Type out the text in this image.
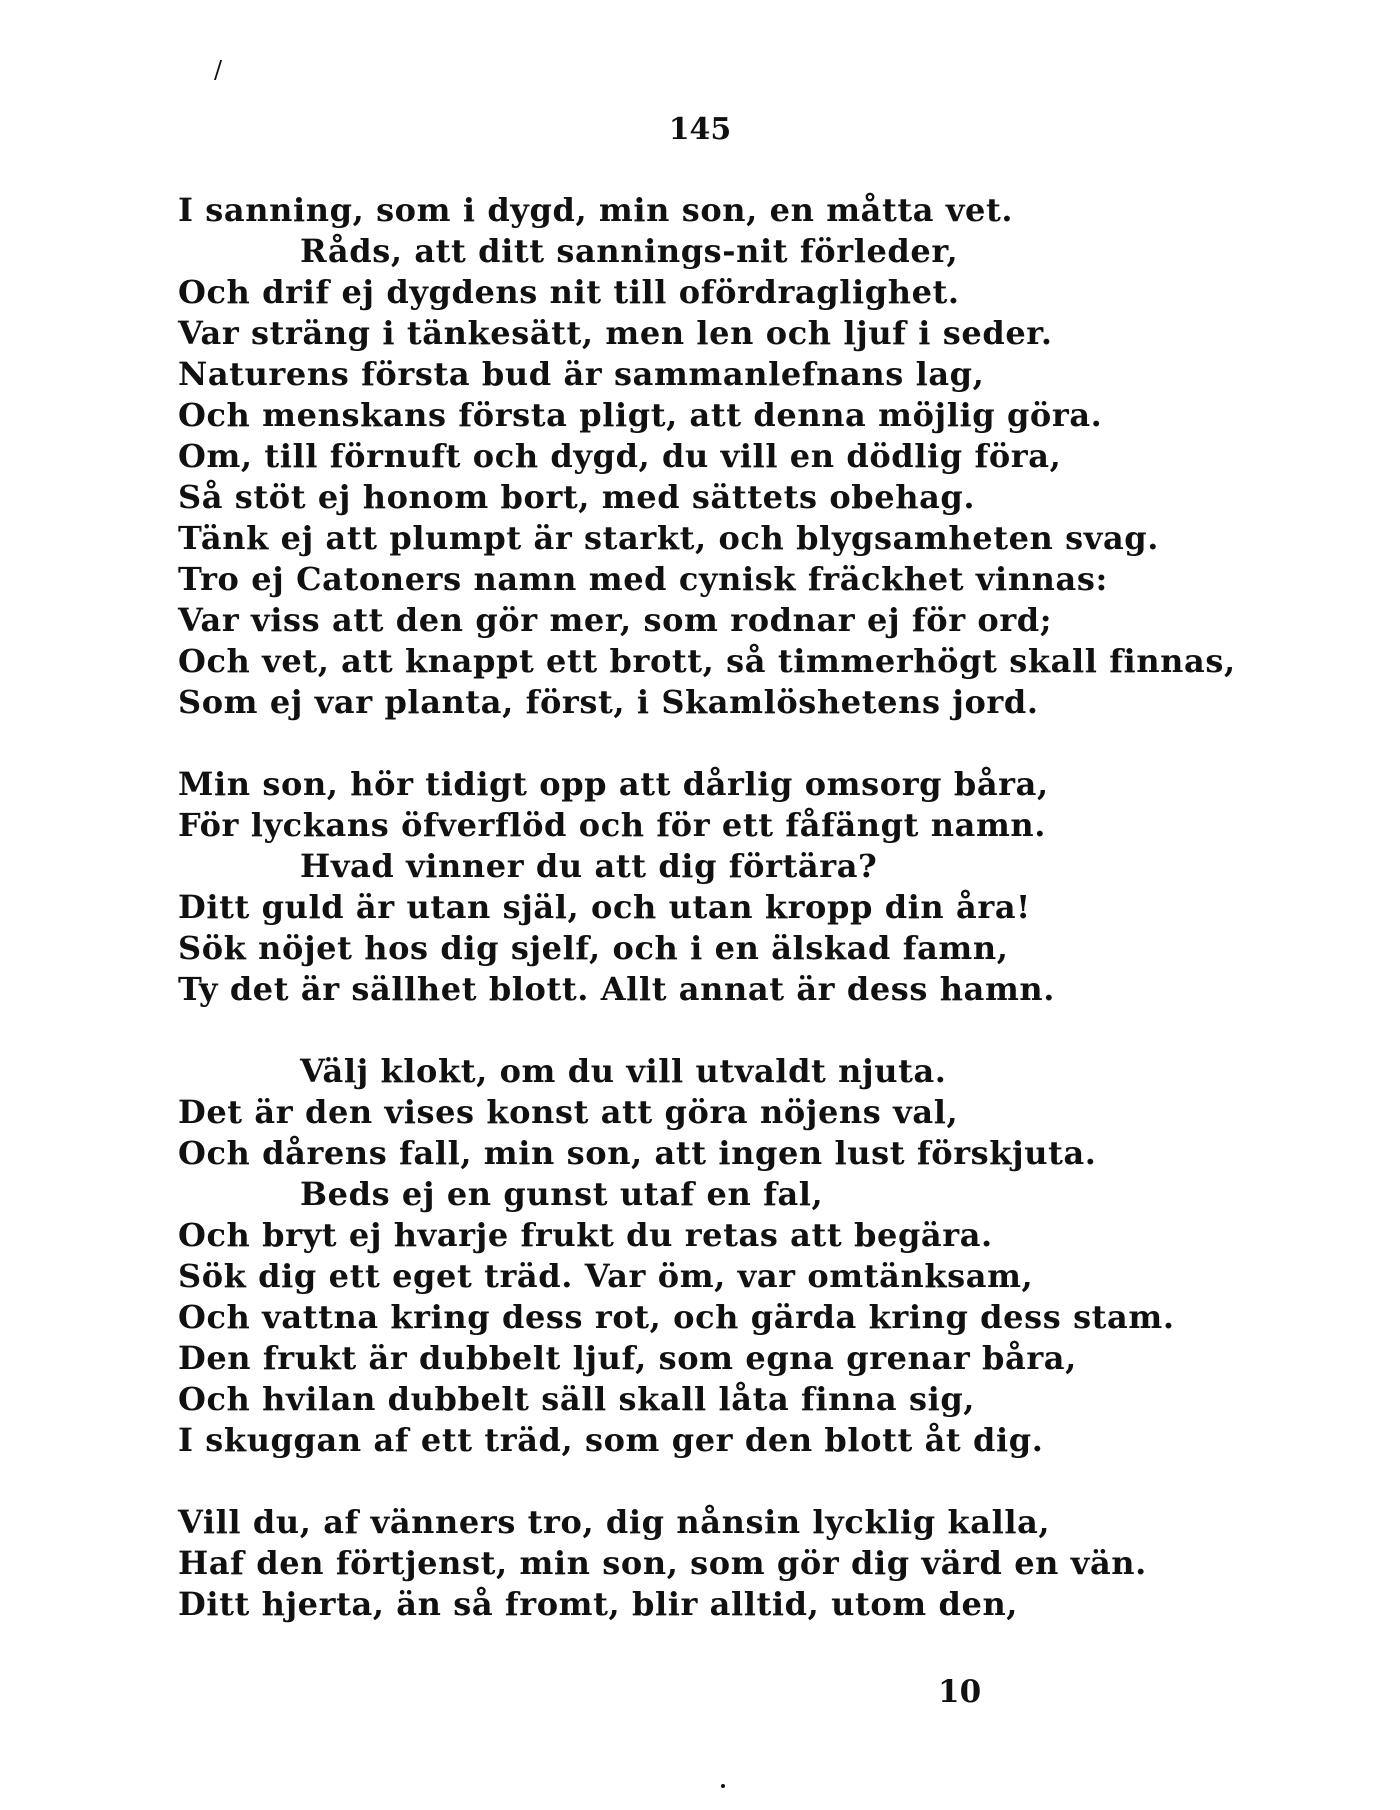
/
145
I sanning, som i dygd, min son, en måtta vet.
Råds, att ditt sannings-nit förleder,
Och drif ej dygdens nit till ofördraglighet.
Var sträng i tänkesätt, men len och ljuf i seder.
Naturens första bud är sammanlefnans lag,
Och menskans första pligt, att denna möjlig göra.
Om, till förnuft och dygd, du vill en dödlig föra,
Så stöt ej honom bort, med sättets obehag.
Tänk ej att plumpt är starkt, och blygsamheten svag.
Tro ej Catoners namn med cynisk fräckhet vinnas:
Var viss att den gör mer, som rodnar ej för ord;
Och vet, att knappt ett brott, så timmerhögt skall finnas,
Som ej var planta, först, i Skamlöshetens jord.
Min son, hör tidigt opp att dårlig omsorg båra,
För lyckans öfverflöd och för ett fåfängt namn.
Hvad vinner du att dig förtära?
Ditt guld är utan själ, och utan kropp din åra!
Sök nöjet hos dig sjelf, och i en älskad famn,
Ty det är sällhet blott. Allt annat är dess hamn.
Välj klokt, om du vill utvaldt njuta.
Det är den vises konst att göra nöjens val,
Och dårens fall, min son, att ingen lust förskjuta.
Beds ej en gunst utaf en fal,
Och bryt ej hvarje frukt du retas att begära.
Sök dig ett eget träd. Var öm, var omtänksam,
Och vattna kring dess rot, och gärda kring dess stam.
Den frukt är dubbelt ljuf, som egna grenar båra,
Och hvilan dubbelt säll skall låta finna sig,
I skuggan af ett träd, som ger den blott åt dig.
Vill du, af vänners tro, dig nånsin lycklig kalla,
Haf den förtjenst, min son, som gör dig värd en vän.
Ditt hjerta, än så fromt, blir alltid, utom den,
10
